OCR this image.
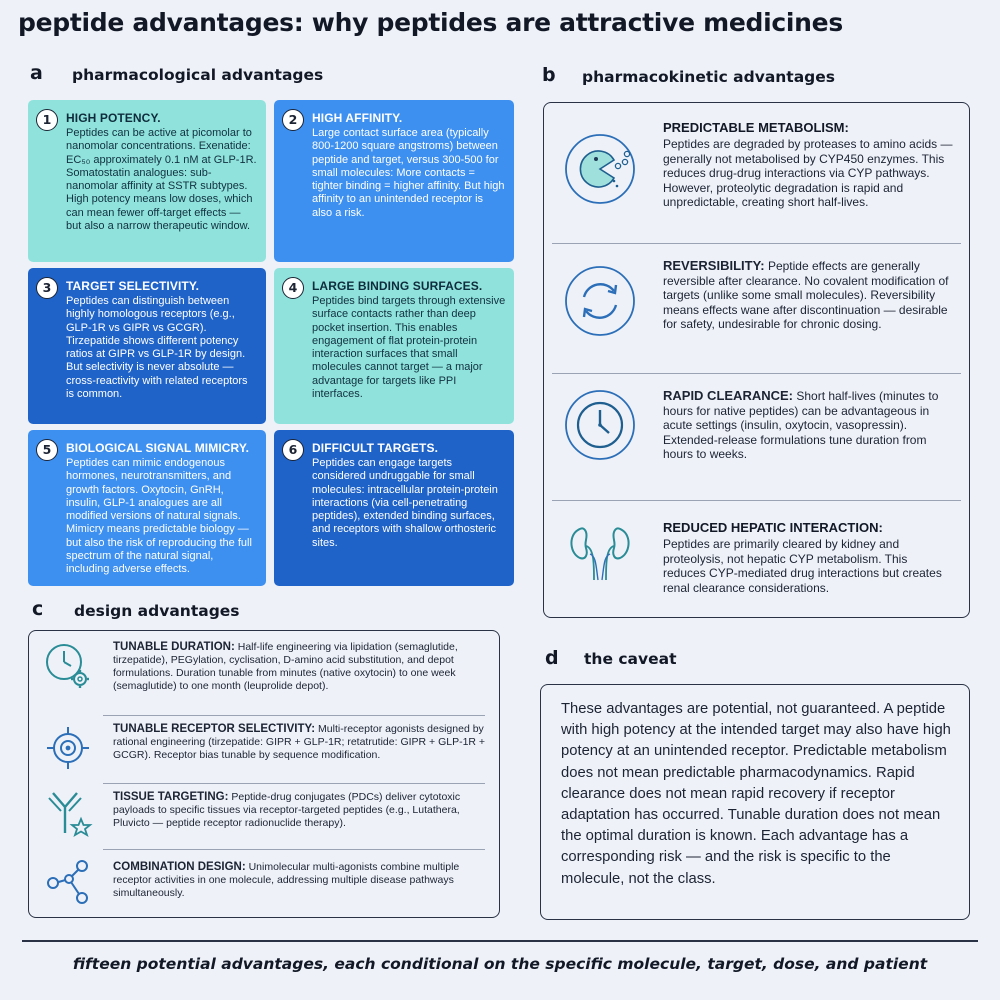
peptide advantages: why peptides are attractive medicines
a pharmacological advantages
1	HIGH POTENCY.
Peptides can be active at picomolar to nanomolar concentrations. Exenatide: EC₅₀ approximately 0.1 nM at GLP-1R. Somatostatin analogues: sub-nanomolar affinity at SSTR subtypes. High potency means low doses, which can mean fewer off-target effects — but also a narrow therapeutic window.
2	HIGH AFFINITY.
Large contact surface area (typically 800-1200 square angstroms) between peptide and target, versus 300-500 for small molecules: More contacts = tighter binding = higher affinity. But high affinity to an unintended receptor is also a risk.
3	TARGET SELECTIVITY.
Peptides can distinguish between highly homologous receptors (e.g., GLP-1R vs GIPR vs GCGR). Tirzepatide shows different potency ratios at GIPR vs GLP-1R by design. But selectivity is never absolute — cross-reactivity with related receptors is common.
4	LARGE BINDING SURFACES.
Peptides bind targets through extensive surface contacts rather than deep pocket insertion. This enables engagement of flat protein-protein interaction surfaces that small molecules cannot target — a major advantage for targets like PPI interfaces.
5	BIOLOGICAL SIGNAL MIMICRY.
Peptides can mimic endogenous hormones, neurotransmitters, and growth factors. Oxytocin, GnRH, insulin, GLP-1 analogues are all modified versions of natural signals. Mimicry means predictable biology — but also the risk of reproducing the full spectrum of the natural signal, including adverse effects.
6	DIFFICULT TARGETS.
Peptides can engage targets considered undruggable for small molecules: intracellular protein-protein interactions (via cell-penetrating peptides), extended binding surfaces, and receptors with shallow orthosteric sites.
b pharmacokinetic advantages
PREDICTABLE METABOLISM:
Peptides are degraded by proteases to amino acids — generally not metabolised by CYP450 enzymes. This reduces drug-drug interactions via CYP pathways. However, proteolytic degradation is rapid and unpredictable, creating short half-lives.
REVERSIBILITY: Peptide effects are generally reversible after clearance. No covalent modification of targets (unlike some small molecules). Reversibility means effects wane after discontinuation — desirable for safety, undesirable for chronic dosing.
RAPID CLEARANCE: Short half-lives (minutes to hours for native peptides) can be advantageous in acute settings (insulin, oxytocin, vasopressin). Extended-release formulations tune duration from hours to weeks.
REDUCED HEPATIC INTERACTION:
Peptides are primarily cleared by kidney and proteolysis, not hepatic CYP metabolism. This reduces CYP-mediated drug interactions but creates renal clearance considerations.
c design advantages
TUNABLE DURATION: Half-life engineering via lipidation (semaglutide, tirzepatide), PEGylation, cyclisation, D-amino acid substitution, and depot formulations. Duration tunable from minutes (native oxytocin) to one week (semaglutide) to one month (leuprolide depot).
TUNABLE RECEPTOR SELECTIVITY: Multi-receptor agonists designed by rational engineering (tirzepatide: GIPR + GLP-1R; retatrutide: GIPR + GLP-1R + GCGR). Receptor bias tunable by sequence modification.
TISSUE TARGETING: Peptide-drug conjugates (PDCs) deliver cytotoxic payloads to specific tissues via receptor-targeted peptides (e.g., Lutathera, Pluvicto — peptide receptor radionuclide therapy).
COMBINATION DESIGN: Unimolecular multi-agonists combine multiple receptor activities in one molecule, addressing multiple disease pathways simultaneously.
d the caveat
These advantages are potential, not guaranteed. A peptide with high potency at the intended target may also have high potency at an unintended receptor. Predictable metabolism does not mean predictable pharmacodynamics. Rapid clearance does not mean rapid recovery if receptor adaptation has occurred. Tunable duration does not mean the optimal duration is known. Each advantage has a corresponding risk — and the risk is specific to the molecule, not the class.
fifteen potential advantages, each conditional on the specific molecule, target, dose, and patient
